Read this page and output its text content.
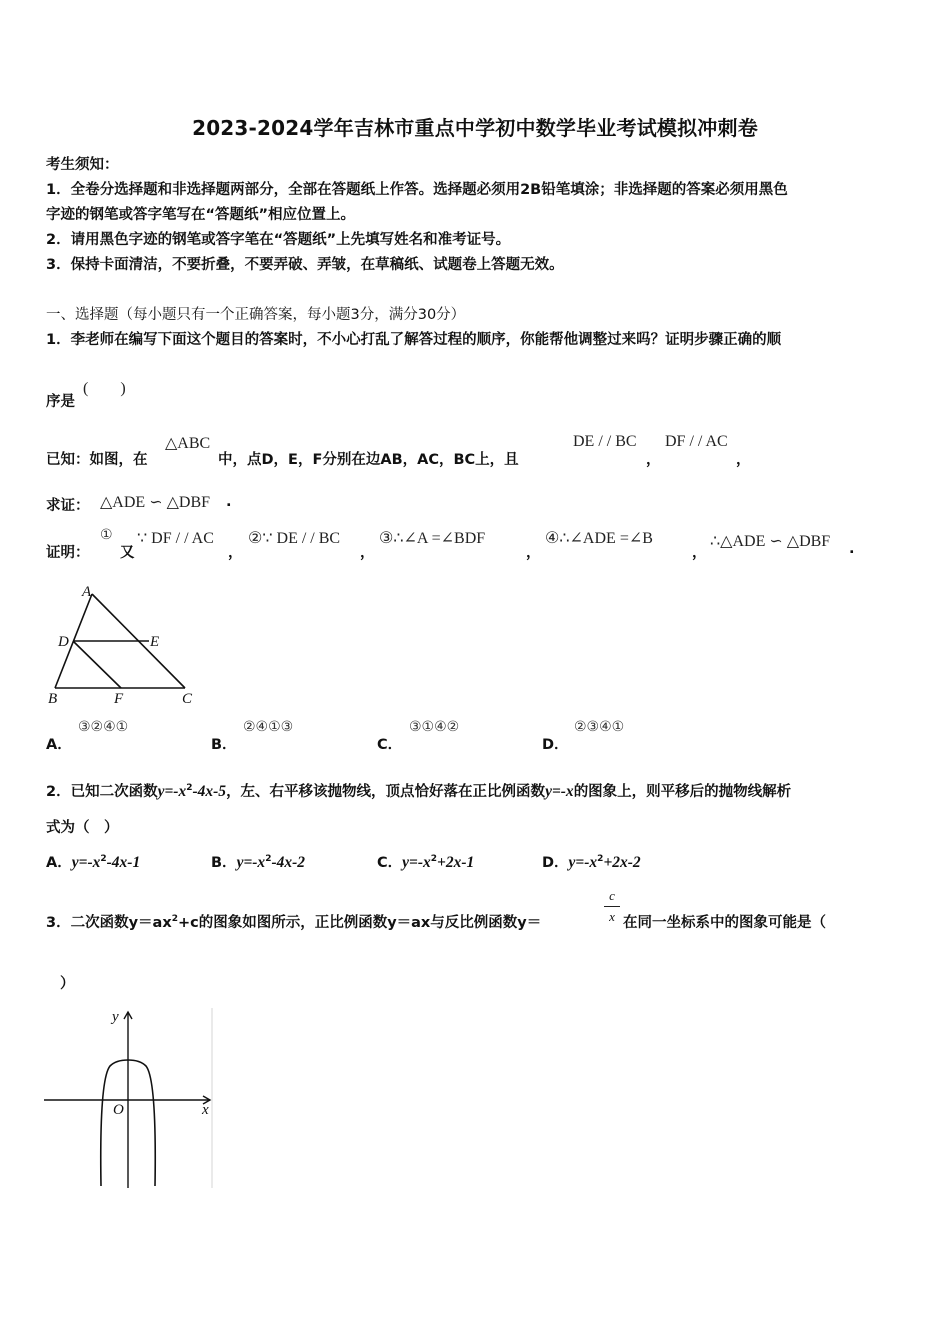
2023-2024学年吉林市重点中学初中数学毕业考试模拟冲刺卷
考生须知：
1．全卷分选择题和非选择题两部分，全部在答题纸上作答。选择题必须用2B铅笔填涂；非选择题的答案必须用黑色
字迹的钢笔或答字笔写在“答题纸”相应位置上。
2．请用黑色字迹的钢笔或答字笔在“答题纸”上先填写姓名和准考证号。
3．保持卡面清洁，不要折叠，不要弄破、弄皱，在草稿纸、试题卷上答题无效。
一、选择题（每小题只有一个正确答案，每小题3分，满分30分）
1．李老师在编写下面这个题目的答案时，不小心打乱了解答过程的顺序，你能帮他调整过来吗？证明步骤正确的顺
序是
(　　)
已知：如图，在
△ABC
中，点D，E，F分别在边AB，AC，BC上，且
DE / / BC
，
DF / / AC
，
求证： △ADE ∽ △DBF .
证明：
①
又
∵ DF / / AC
，
②∵ DE / / BC
，
③∴∠A =∠BDF
，
④∴∠ADE =∠B
，
∴△ADE ∽ △DBF .
A
D	E
B	F	C
A．
③②④①
B．
②④①③
C．
③①④②
D．
②③④①
2．已知二次函数$y=-x^2-4x-5$，左、右平移该抛物线，顶点恰好落在正比例函数y=-x的图象上，则平移后的抛物线解析
式为（　）
A．$y=-x^2-4x-1$	B．$y=-x^2-4x-2$	C．$y=-x^2+2x-1$	D．$y=-x^2+2x-2$
3．二次函数$y=ax^2+c$的图象如图所示，正比例函数y＝ax与反比例函数y＝
c
x 在同一坐标系中的图象可能是（
）
y
x
O
